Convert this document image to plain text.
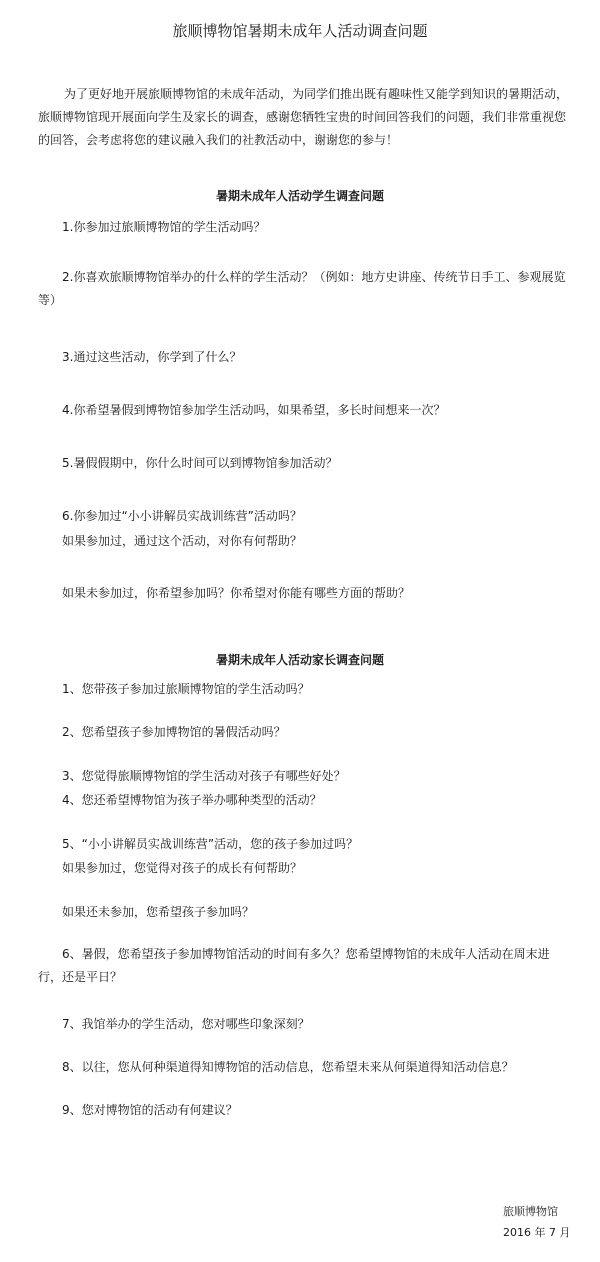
旅顺博物馆暑期未成年人活动调查问题
为了更好地开展旅顺博物馆的未成年活动，为同学们推出既有趣味性又能学到知识的暑期活动，旅顺博物馆现开展面向学生及家长的调查，感谢您牺牲宝贵的时间回答我们的问题，我们非常重视您的回答，会考虑将您的建议融入我们的社教活动中，谢谢您的参与！
暑期未成年人活动学生调查问题
1.你参加过旅顺博物馆的学生活动吗？
2.你喜欢旅顺博物馆举办的什么样的学生活动？（例如：地方史讲座、传统节日手工、参观展览等）
3.通过这些活动，你学到了什么？
4.你希望暑假到博物馆参加学生活动吗，如果希望，多长时间想来一次？
5.暑假假期中，你什么时间可以到博物馆参加活动？
6.你参加过“小小讲解员实战训练营”活动吗？
如果参加过，通过这个活动，对你有何帮助？
如果未参加过，你希望参加吗？你希望对你能有哪些方面的帮助？
暑期未成年人活动家长调查问题
1、您带孩子参加过旅顺博物馆的学生活动吗？
2、您希望孩子参加博物馆的暑假活动吗？
3、您觉得旅顺博物馆的学生活动对孩子有哪些好处？
4、您还希望博物馆为孩子举办哪种类型的活动？
5、“小小讲解员实战训练营”活动，您的孩子参加过吗？
如果参加过，您觉得对孩子的成长有何帮助？
如果还未参加，您希望孩子参加吗？
6、暑假，您希望孩子参加博物馆活动的时间有多久？您希望博物馆的未成年人活动在周末进行，还是平日？
7、我馆举办的学生活动，您对哪些印象深刻？
8、以往，您从何种渠道得知博物馆的活动信息，您希望未来从何渠道得知活动信息？
9、您对博物馆的活动有何建议？
旅顺博物馆
2016 年 7 月
